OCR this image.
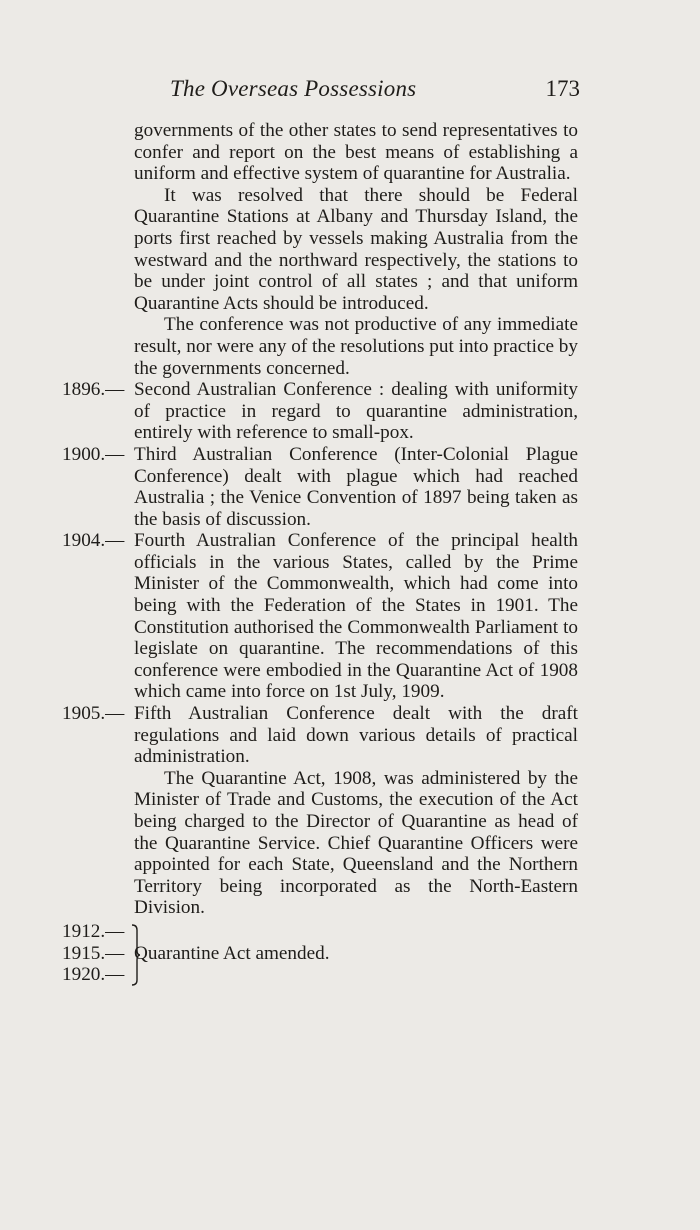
The Overseas Possessions	173

governments of the other states to send representatives to confer and report on the best means of establishing a uniform and effective system of quarantine for Australia.

It was resolved that there should be Federal Quarantine Stations at Albany and Thursday Island, the ports first reached by vessels making Australia from the westward and the northward respectively, the stations to be under joint control of all states ; and that uniform Quarantine Acts should be introduced.

The conference was not productive of any immediate result, nor were any of the resolutions put into practice by the governments concerned.

1896.— Second Australian Conference : dealing with uniformity of practice in regard to quarantine administration, entirely with reference to small-pox.

1900.— Third Australian Conference (Inter-Colonial Plague Conference) dealt with plague which had reached Australia ; the Venice Convention of 1897 being taken as the basis of discussion.

1904.— Fourth Australian Conference of the principal health officials in the various States, called by the Prime Minister of the Commonwealth, which had come into being with the Federation of the States in 1901. The Constitution authorised the Commonwealth Parliament to legislate on quarantine. The recommendations of this conference were embodied in the Quarantine Act of 1908 which came into force on 1st July, 1909.

1905.— Fifth Australian Conference dealt with the draft regulations and laid down various details of practical administration.

The Quarantine Act, 1908, was administered by the Minister of Trade and Customs, the execution of the Act being charged to the Director of Quarantine as head of the Quarantine Service. Chief Quarantine Officers were appointed for each State, Queensland and the Northern Territory being incorporated as the North-Eastern Division.

1912.—
1915.—
1920.—
Quarantine Act amended.
